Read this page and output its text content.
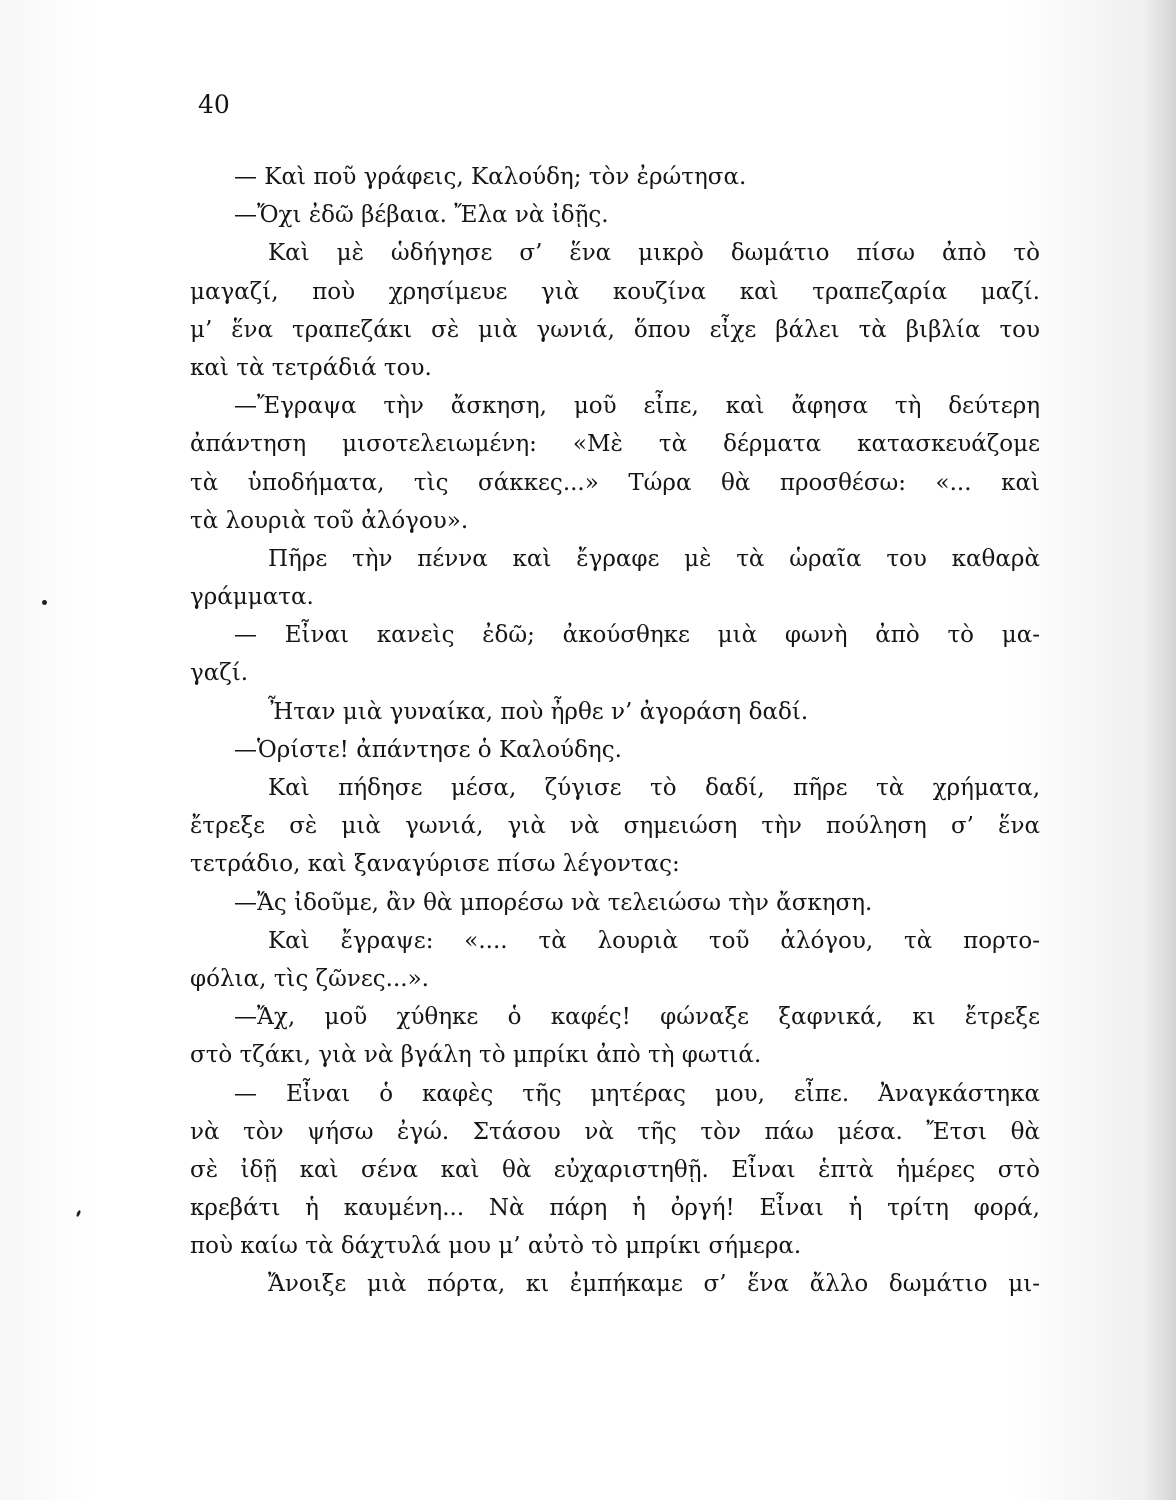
40
— Καὶ ποῦ γράφεις, Καλούδη; τὸν ἐρώτησα.
—Ὄχι ἐδῶ βέβαια. Ἔλα νὰ ἰδῇς.
Καὶ μὲ ὡδήγησε σ’ ἕνα μικρὸ δωμάτιο πίσω ἀπὸ τὸ
μαγαζί, ποὺ χρησίμευε γιὰ κουζίνα καὶ τραπεζαρία μαζί.
μ’ ἕνα τραπεζάκι σὲ μιὰ γωνιά, ὅπου εἶχε βάλει τὰ βιβλία του
καὶ τὰ τετράδιά του.
—Ἔγραψα τὴν ἄσκηση, μοῦ εἶπε, καὶ ἄφησα τὴ δεύτερη
ἀπάντηση μισοτελειωμένη: «Μὲ τὰ δέρματα κατασκευάζομε
τὰ ὑποδήματα, τὶς σάκκες...» Τώρα θὰ προσθέσω: «... καὶ
τὰ λουριὰ τοῦ ἀλόγου».
Πῆρε τὴν πέννα καὶ ἔγραφε μὲ τὰ ὡραῖα του καθαρὰ
γράμματα.
— Εἶναι κανεὶς ἐδῶ; ἀκούσθηκε μιὰ φωνὴ ἀπὸ τὸ μα-
γαζί.
Ἦταν μιὰ γυναίκα, ποὺ ἦρθε ν’ ἀγοράση δαδί.
—Ὁρίστε! ἀπάντησε ὁ Καλούδης.
Καὶ πήδησε μέσα, ζύγισε τὸ δαδί, πῆρε τὰ χρήματα,
ἔτρεξε σὲ μιὰ γωνιά, γιὰ νὰ σημειώση τὴν πούληση σ’ ἕνα
τετράδιο, καὶ ξαναγύρισε πίσω λέγοντας:
—Ἄς ἰδοῦμε, ἂν θὰ μπορέσω νὰ τελειώσω τὴν ἄσκηση.
Καὶ ἔγραψε: «.... τὰ λουριὰ τοῦ ἀλόγου, τὰ πορτο-
φόλια, τὶς ζῶνες...».
—Ἄχ, μοῦ χύθηκε ὁ καφές! φώναξε ξαφνικά, κι ἔτρεξε
στὸ τζάκι, γιὰ νὰ βγάλη τὸ μπρίκι ἀπὸ τὴ φωτιά.
— Εἶναι ὁ καφὲς τῆς μητέρας μου, εἶπε. Ἀναγκάστηκα
νὰ τὸν ψήσω ἐγώ. Στάσου νὰ τῆς τὸν πάω μέσα. Ἔτσι θὰ
σὲ ἰδῇ καὶ σένα καὶ θὰ εὐχαριστηθῇ. Εἶναι ἑπτὰ ἡμέρες στὸ
κρεβάτι ἡ καυμένη... Νὰ πάρη ἡ ὀργή! Εἶναι ἡ τρίτη φορά,
ποὺ καίω τὰ δάχτυλά μου μ’ αὐτὸ τὸ μπρίκι σήμερα.
Ἄνοιξε μιὰ πόρτα, κι ἐμπήκαμε σ’ ἕνα ἄλλο δωμάτιο μι-
